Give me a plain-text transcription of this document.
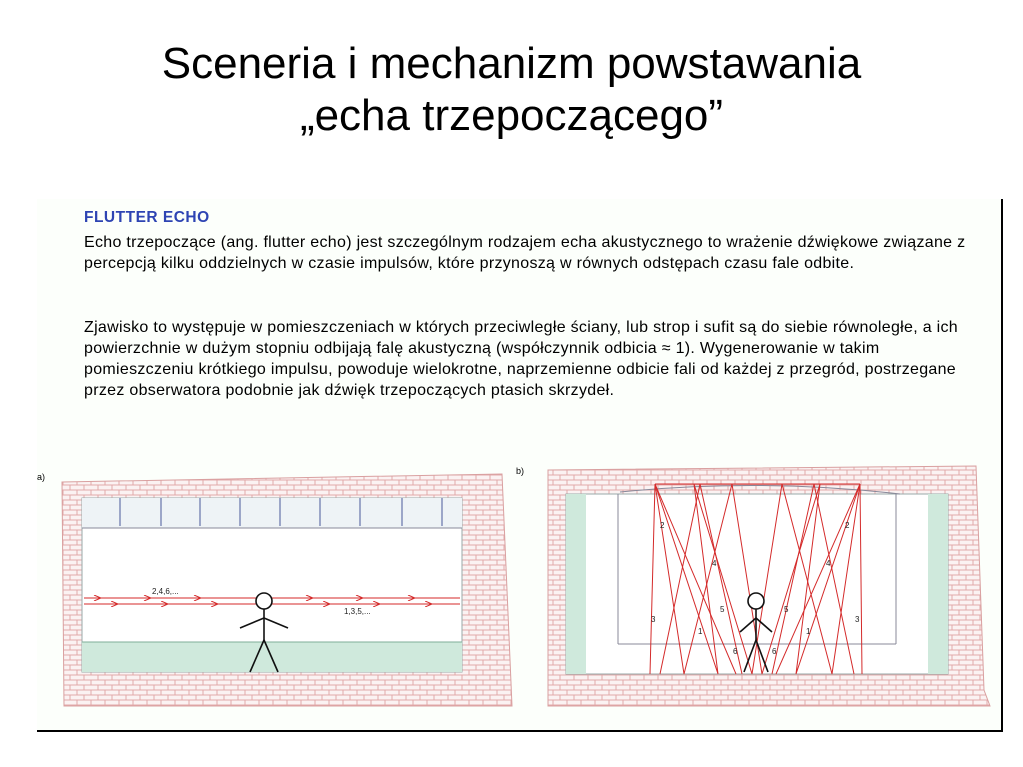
Sceneria i mechanizm powstawania
„echa trzepoczącego”
FLUTTER ECHO
Echo trzepoczące (ang. flutter echo) jest szczególnym rodzajem echa akustycznego to wrażenie dźwiękowe związane z percepcją kilku oddzielnych w czasie impulsów, które przynoszą w równych odstępach czasu fale odbite.
Zjawisko to występuje w pomieszczeniach w których przeciwległe ściany, lub strop i sufit są do siebie równoległe, a ich powierzchnie w dużym stopniu odbijają falę akustyczną (współczynnik odbicia ≈ 1). Wygenerowanie w takim pomieszczeniu krótkiego impulsu, powoduje wielokrotne, naprzemienne odbicie fali od każdej z przegród, postrzegane przez obserwatora podobnie jak dźwięk trzepoczących ptasich skrzydeł.
a)
b)
2,4,6,...
1,3,5,...
2
4
3
5
1
6
2
4
3
5
1
6
